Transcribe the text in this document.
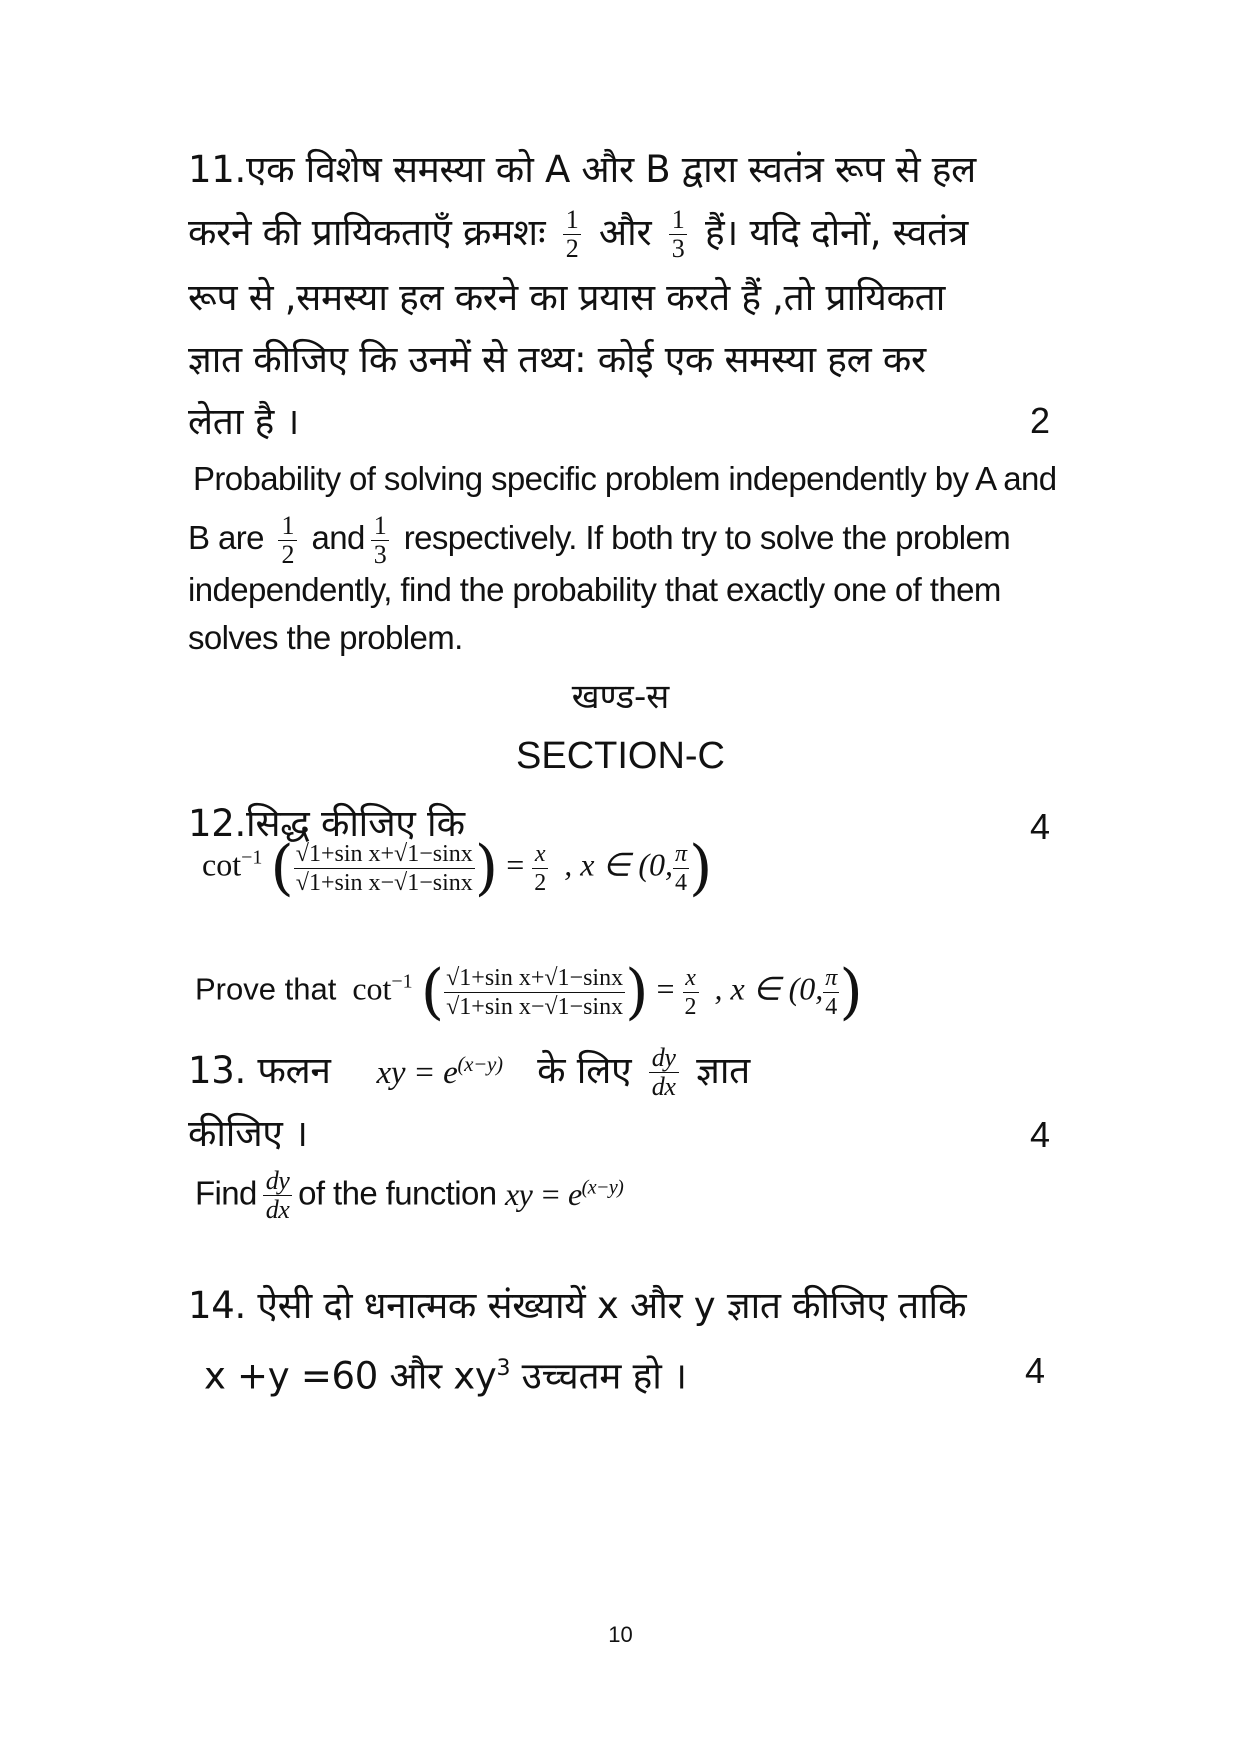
11.एक विशेष समस्या को A और B द्वारा स्वतंत्र रूप से हल
करने की प्रायिकताएँ क्रमशः $\frac{1}{2}$ और $\frac{1}{3}$ हैं। यदि दोनों, स्वतंत्र
रूप से ,समस्या हल करने का प्रयास करते हैं ,तो प्रायिकता
ज्ञात कीजिए कि उनमें से तथ्य: कोई एक समस्या हल कर
लेता है ।	2
Probability of solving specific problem independently by A and
B are $\frac{1}{2}$ and $\frac{1}{3}$ respectively. If both try to solve the problem
independently, find the probability that exactly one of them
solves the problem.
खण्ड-स
SECTION-C
12.सिद्ध कीजिए कि	4
$\cot^{-1}$ ( $\frac{\text{√1+sin x+√1−sinx}}{\text{√1+sin x−√1−sinx}}$ ) = $\frac{x}{2}$ , x ∈ (0, $\frac{\pi}{4}$ )
Prove that $\cot^{-1}$ ( $\frac{\text{√1+sin x+√1−sinx}}{\text{√1+sin x−√1−sinx}}$ ) = $\frac{x}{2}$ , x ∈ (0, $\frac{\pi}{4}$ )
13. फलन xy = $e^{(x-y)}$ के लिए $\frac{dy}{dx}$ ज्ञात
कीजिए ।	4
Find $\frac{dy}{dx}$ of the function xy = $e^{(x-y)}$
14. ऐसी दो धनात्मक संख्यायें x और y ज्ञात कीजिए ताकि
x +y =60 और $xy^3$ उच्चतम हो ।	4
10
